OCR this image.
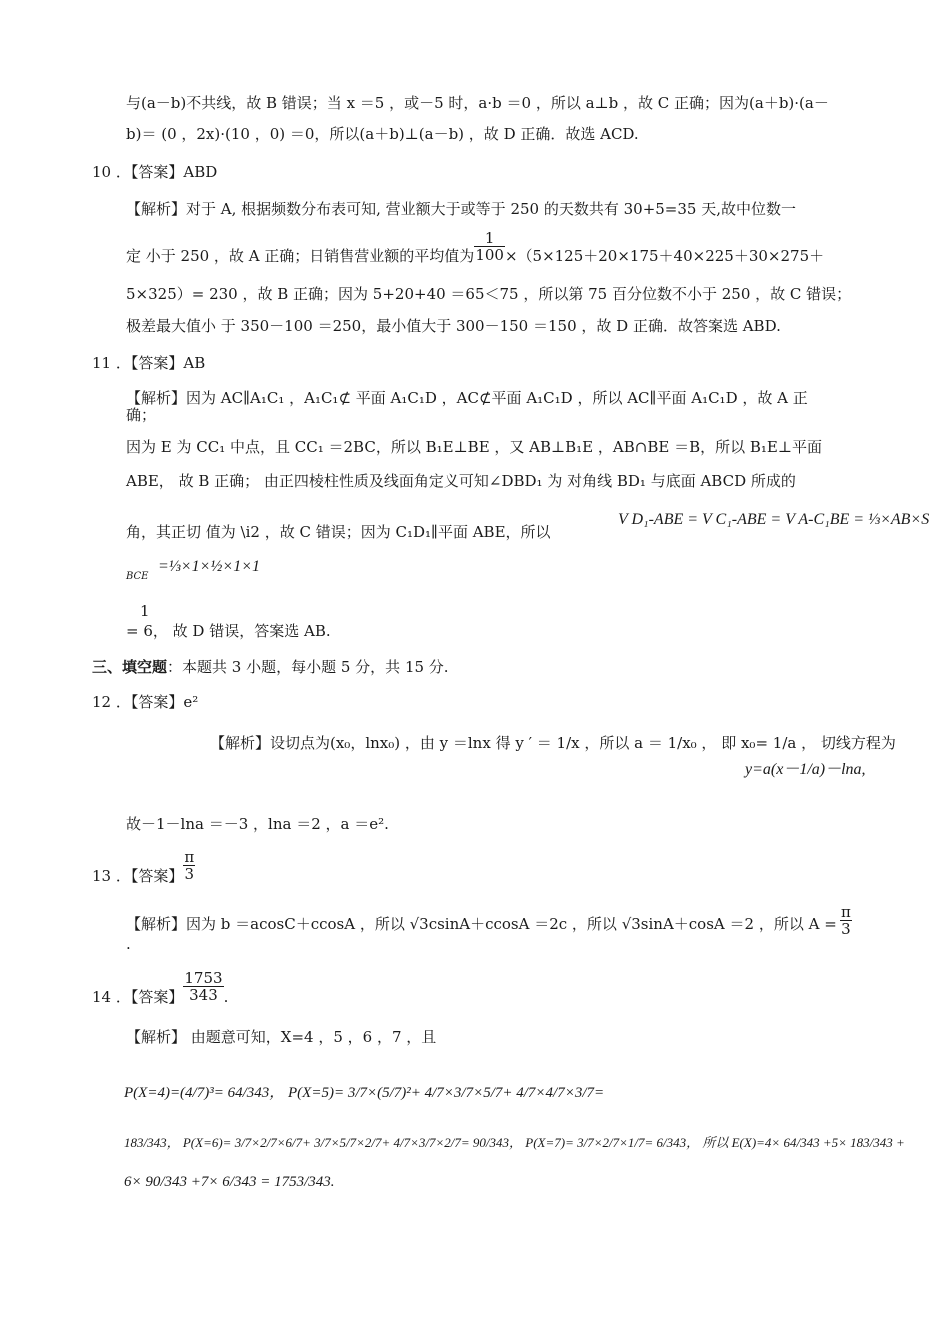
与(a－b)不共线，故 B 错误；当 x ＝5 ，或－5 时，a·b ＝0 ，所以 a⊥b ，故 C 正确；因为(a＋b)·(a－
b)＝ (0 ，2x)·(10 ，0) ＝0，所以(a＋b)⊥(a－b) ，故 D 正确．故选 ACD.
10 ．【答案】ABD
【解析】对于 A, 根据频数分布表可知, 营业额大于或等于 250 的天数共有 30+5=35 天,故中位数一
定 小于 250 ，故 A 正确；日销售营业额的平均值为 $\frac{1}{100} \times(5\times 125+20\times 175+40\times 225+30\times 275+$
5×325）= 230 ，故 B 正确；因为 5+20+40 ＝65＜75 ，所以第 75 百分位数不小于 250 ，故 C 错误；
极差最大值小 于 350－100 ＝250，最小值大于 300－150 ＝150 ，故 D 正确．故答案选 ABD.
11 ．【答案】AB
【解析】因为 AC∥A₁C₁ ，A₁C₁⊄ 平面 A₁C₁D ，AC⊄平面 A₁C₁D ，所以 AC∥平面 A₁C₁D ，故 A 正
确；
因为 E 为 CC₁ 中点，且 CC₁ ＝2BC，所以 B₁E⊥BE ，又 AB⊥B₁E ，AB∩BE ＝B，所以 B₁E⊥平面
ABE， 故 B 正确； 由正四棱柱性质及线面角定义可知∠DBD₁ 为 对角线 BD₁ 与底面 ABCD 所成的
角，其正切 值为 \i2 ，故 C 错误；因为 C₁D₁∥平面 ABE，所以
V D₁-ABE = V C₁-ABE = V A-C₁BE = ⅓×AB×S
BCE
=⅓×1×½×1×1
1
= 6， 故 D 错误，答案选 AB.
三、填空题：本题共 3 小题，每小题 5 分，共 15 分.
12 ．【答案】e²
【解析】设切点为(x₀，lnx₀) ，由 y ＝lnx 得 y ′ ＝ 1/x ，所以 a ＝ 1/x₀ ， 即 x₀= 1/a ， 切线方程为
y=a(x－1/a)－lna,
故－1－lna ＝－3 ，lna ＝2 ，a ＝e².
13 ．【答案】 $\frac{\pi}{3}$
【解析】因为 b ＝acosC＋ccosA ，所以 √3csinA＋ccosA ＝2c ，所以 √3sinA＋cosA ＝2 ，所以 $A = \frac{\pi}{3}$
.
14 ．【答案】 $\frac{1753}{343}$ .
【解析】 由题意可知，X=4 ，5 ，6 ，7 ，且
P(X=4)=(4/7)³= 64/343， P(X=5)= 3/7×(5/7)²+ 4/7×3/7×5/7+ 4/7×4/7×3/7=
183/343， P(X=6)= 3/7×2/7×6/7+ 3/7×5/7×2/7+ 4/7×3/7×2/7= 90/343， P(X=7)= 3/7×2/7×1/7= 6/343， 所以 E(X)=4× 64/343 +5× 183/343 +
6× 90/343 +7× 6/343 = 1753/343.
